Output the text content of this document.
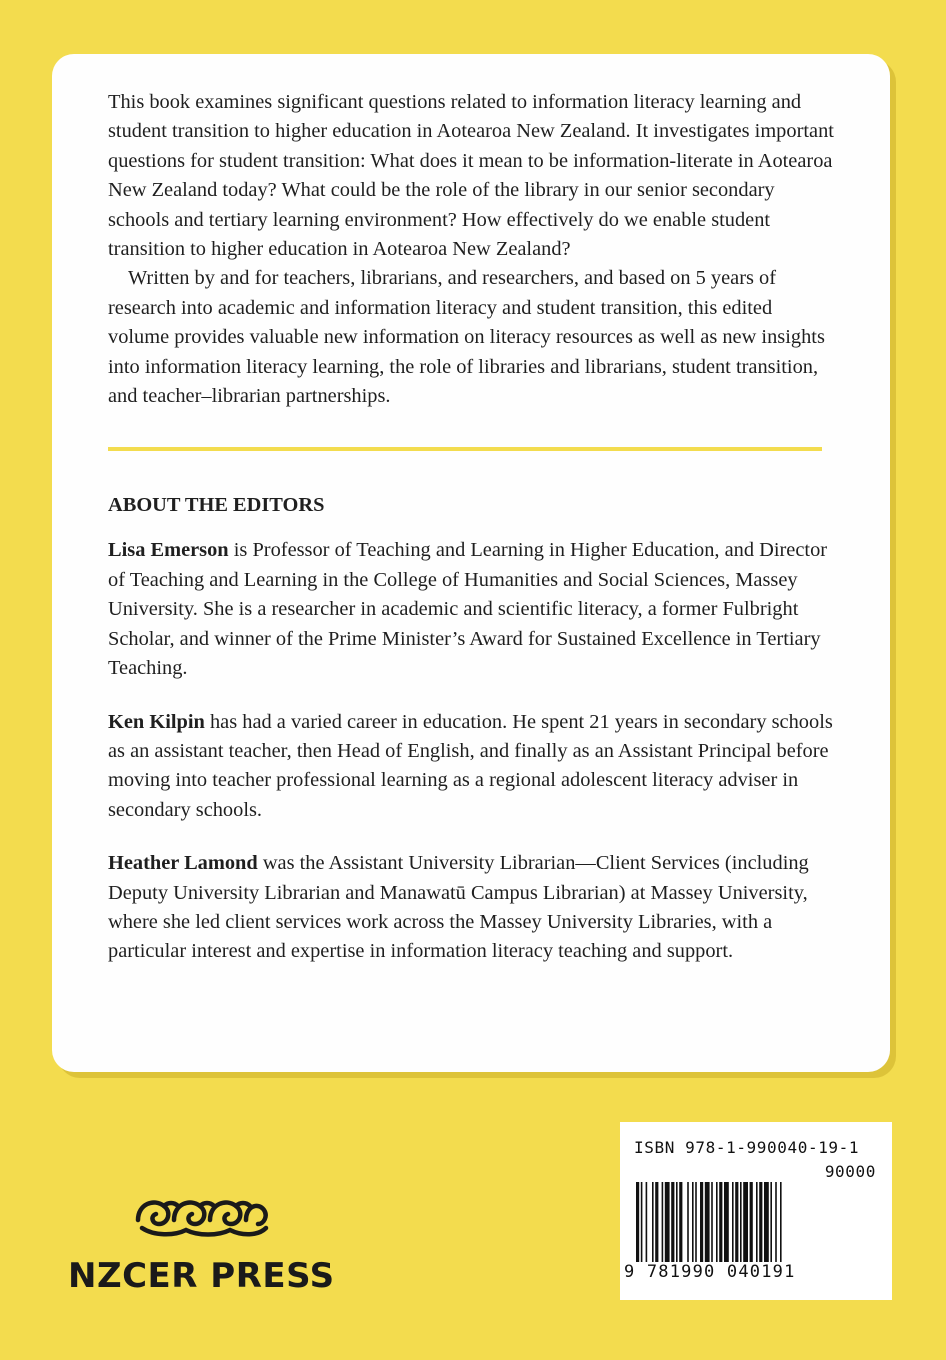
This book examines significant questions related to information literacy learning and student transition to higher education in Aotearoa New Zealand. It investigates important questions for student transition: What does it mean to be information-literate in Aotearoa New Zealand today? What could be the role of the library in our senior secondary schools and tertiary learning environment? How effectively do we enable student transition to higher education in Aotearoa New Zealand?

Written by and for teachers, librarians, and researchers, and based on 5 years of research into academic and information literacy and student transition, this edited volume provides valuable new information on literacy resources as well as new insights into information literacy learning, the role of libraries and librarians, student transition, and teacher–librarian partnerships.

ABOUT THE EDITORS

Lisa Emerson is Professor of Teaching and Learning in Higher Education, and Director of Teaching and Learning in the College of Humanities and Social Sciences, Massey University. She is a researcher in academic and scientific literacy, a former Fulbright Scholar, and winner of the Prime Minister’s Award for Sustained Excellence in Tertiary Teaching.

Ken Kilpin has had a varied career in education. He spent 21 years in secondary schools as an assistant teacher, then Head of English, and finally as an Assistant Principal before moving into teacher professional learning as a regional adolescent literacy adviser in secondary schools.

Heather Lamond was the Assistant University Librarian—Client Services (including Deputy University Librarian and Manawatū Campus Librarian) at Massey University, where she led client services work across the Massey University Libraries, with a particular interest and expertise in information literacy teaching and support.

NZCER PRESS
ISBN 978-1-990040-19-1
90000
9 781990 040191
